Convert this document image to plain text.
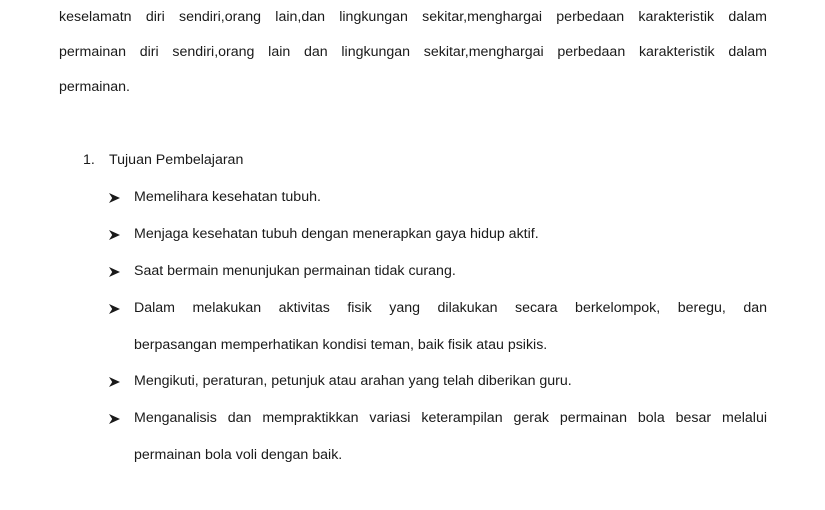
keselamatn diri sendiri,orang lain,dan lingkungan sekitar,menghargai perbedaan karakteristik dalam
permainan diri sendiri,orang lain dan lingkungan sekitar,menghargai perbedaan karakteristik dalam
permainan.
1. Tujuan Pembelajaran
Memelihara kesehatan tubuh.
Menjaga kesehatan tubuh dengan menerapkan gaya hidup aktif.
Saat bermain menunjukan permainan tidak curang.
Dalam melakukan aktivitas fisik yang dilakukan secara berkelompok, beregu, dan
berpasangan memperhatikan kondisi teman, baik fisik atau psikis.
Mengikuti, peraturan, petunjuk atau arahan yang telah diberikan guru.
Menganalisis dan mempraktikkan variasi keterampilan gerak permainan bola besar melalui
permainan bola voli dengan baik.
